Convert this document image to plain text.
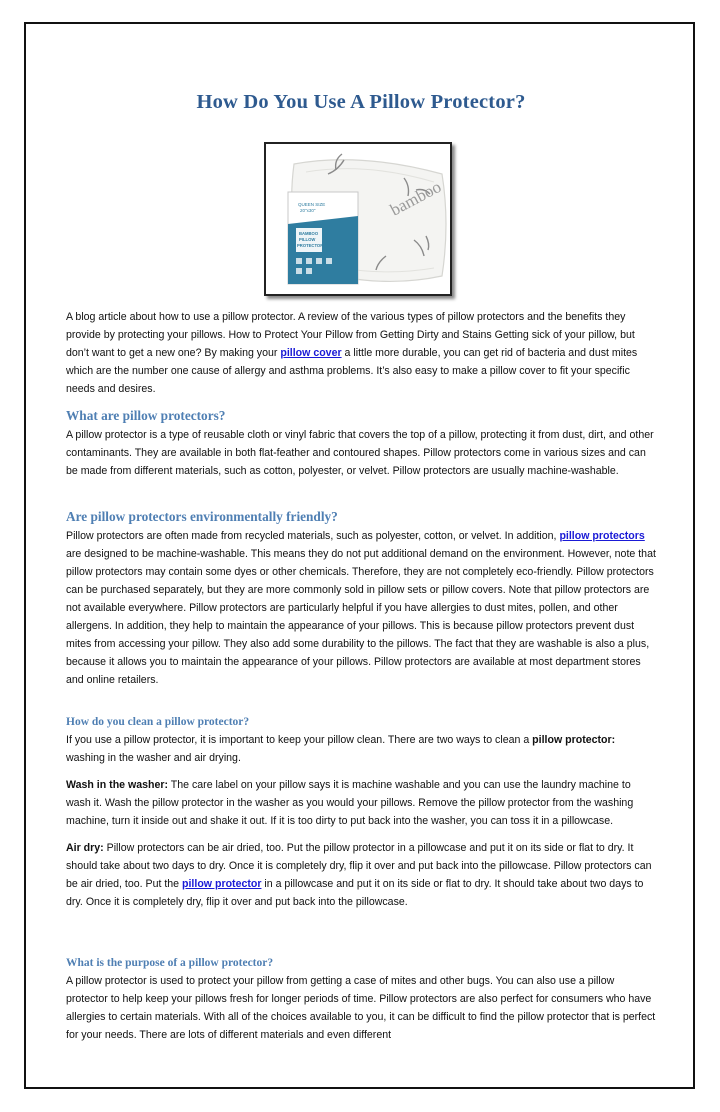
How Do You Use A Pillow Protector?
bamboo
QUEEN SIZE
20"x30"
BAMBOO
PILLOW
PROTECTOR

A blog article about how to use a pillow protector. A review of the various types of pillow protectors and the benefits they provide by protecting your pillows. How to Protect Your Pillow from Getting Dirty and Stains Getting sick of your pillow, but don’t want to get a new one? By making your pillow cover a little more durable, you can get rid of bacteria and dust mites which are the number one cause of allergy and asthma problems. It’s also easy to make a pillow cover to fit your specific needs and desires.

What are pillow protectors?

A pillow protector is a type of reusable cloth or vinyl fabric that covers the top of a pillow, protecting it from dust, dirt, and other contaminants. They are available in both flat-feather and contoured shapes. Pillow protectors come in various sizes and can be made from different materials, such as cotton, polyester, or velvet. Pillow protectors are usually machine-washable.

Are pillow protectors environmentally friendly?

Pillow protectors are often made from recycled materials, such as polyester, cotton, or velvet. In addition, pillow protectors are designed to be machine-washable. This means they do not put additional demand on the environment. However, note that pillow protectors may contain some dyes or other chemicals. Therefore, they are not completely eco-friendly. Pillow protectors can be purchased separately, but they are more commonly sold in pillow sets or pillow covers. Note that pillow protectors are not available everywhere. Pillow protectors are particularly helpful if you have allergies to dust mites, pollen, and other allergens. In addition, they help to maintain the appearance of your pillows. This is because pillow protectors prevent dust mites from accessing your pillow. They also add some durability to the pillows. The fact that they are washable is also a plus, because it allows you to maintain the appearance of your pillows. Pillow protectors are available at most department stores and online retailers.

How do you clean a pillow protector?

If you use a pillow protector, it is important to keep your pillow clean. There are two ways to clean a pillow protector: washing in the washer and air drying.

Wash in the washer: The care label on your pillow says it is machine washable and you can use the laundry machine to wash it. Wash the pillow protector in the washer as you would your pillows. Remove the pillow protector from the washing machine, turn it inside out and shake it out. If it is too dirty to put back into the washer, you can toss it in a pillowcase.

Air dry: Pillow protectors can be air dried, too. Put the pillow protector in a pillowcase and put it on its side or flat to dry. It should take about two days to dry. Once it is completely dry, flip it over and put back into the pillowcase. Pillow protectors can be air dried, too. Put the pillow protector in a pillowcase and put it on its side or flat to dry. It should take about two days to dry. Once it is completely dry, flip it over and put back into the pillowcase.

What is the purpose of a pillow protector?

A pillow protector is used to protect your pillow from getting a case of mites and other bugs. You can also use a pillow protector to help keep your pillows fresh for longer periods of time. Pillow protectors are also perfect for consumers who have allergies to certain materials. With all of the choices available to you, it can be difficult to find the pillow protector that is perfect for your needs. There are lots of different materials and even different
